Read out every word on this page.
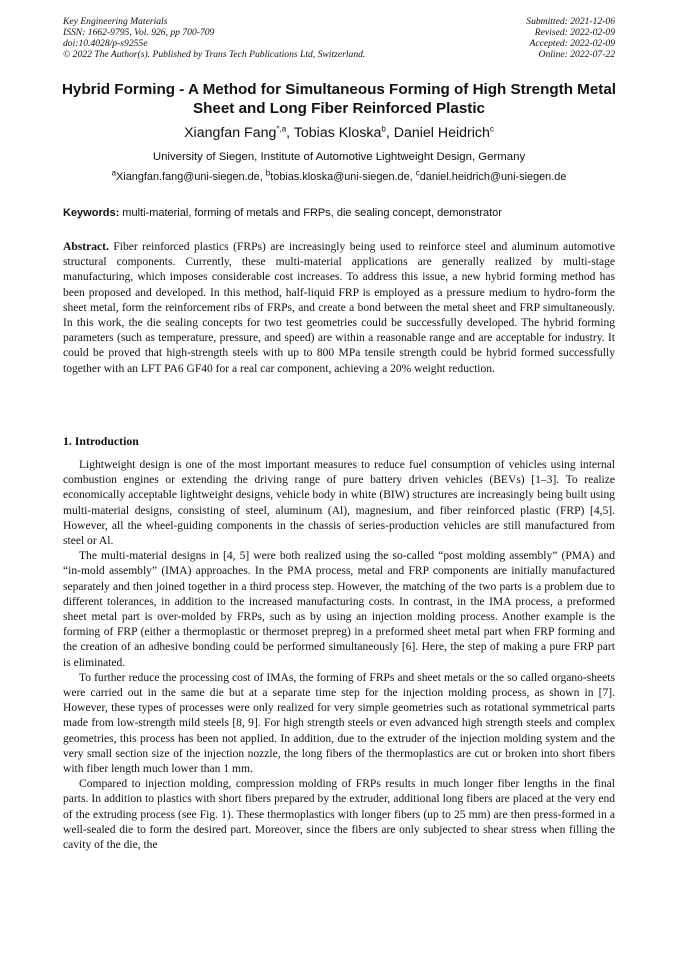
Key Engineering Materials
ISSN: 1662-9795, Vol. 926, pp 700-709
doi:10.4028/p-s9255e
© 2022 The Author(s). Published by Trans Tech Publications Ltd, Switzerland.
Submitted: 2021-12-06
Revised: 2022-02-09
Accepted: 2022-02-09
Online: 2022-07-22
Hybrid Forming - A Method for Simultaneous Forming of High Strength Metal Sheet and Long Fiber Reinforced Plastic
Xiangfan Fang$^{*,a}$, Tobias Kloska$^b$, Daniel Heidrich$^c$
University of Siegen, Institute of Automotive Lightweight Design, Germany
$^a$Xiangfan.fang@uni-siegen.de, $^b$tobias.kloska@uni-siegen.de, $^c$daniel.heidrich@uni-siegen.de
Keywords: multi-material, forming of metals and FRPs, die sealing concept, demonstrator
Abstract. Fiber reinforced plastics (FRPs) are increasingly being used to reinforce steel and aluminum automotive structural components. Currently, these multi-material applications are generally realized by multi-stage manufacturing, which imposes considerable cost increases. To address this issue, a new hybrid forming method has been proposed and developed. In this method, half-liquid FRP is employed as a pressure medium to hydro-form the sheet metal, form the reinforcement ribs of FRPs, and create a bond between the metal sheet and FRP simultaneously. In this work, the die sealing concepts for two test geometries could be successfully developed. The hybrid forming parameters (such as temperature, pressure, and speed) are within a reasonable range and are acceptable for industry. It could be proved that high-strength steels with up to 800 MPa tensile strength could be hybrid formed successfully together with an LFT PA6 GF40 for a real car component, achieving a 20% weight reduction.
1. Introduction

Lightweight design is one of the most important measures to reduce fuel consumption of vehicles using internal combustion engines or extending the driving range of pure battery driven vehicles (BEVs) [1–3]. To realize economically acceptable lightweight designs, vehicle body in white (BIW) structures are increasingly being built using multi-material designs, consisting of steel, aluminum (Al), magnesium, and fiber reinforced plastic (FRP) [4,5]. However, all the wheel-guiding components in the chassis of series-production vehicles are still manufactured from steel or Al.

The multi-material designs in [4, 5] were both realized using the so-called “post molding assembly” (PMA) and “in-mold assembly” (IMA) approaches. In the PMA process, metal and FRP components are initially manufactured separately and then joined together in a third process step. However, the matching of the two parts is a problem due to different tolerances, in addition to the increased manufacturing costs. In contrast, in the IMA process, a preformed sheet metal part is over-molded by FRPs, such as by using an injection molding process. Another example is the forming of FRP (either a thermoplastic or thermoset prepreg) in a preformed sheet metal part when FRP forming and the creation of an adhesive bonding could be performed simultaneously [6]. Here, the step of making a pure FRP part is eliminated.

To further reduce the processing cost of IMAs, the forming of FRPs and sheet metals or the so called organo-sheets were carried out in the same die but at a separate time step for the injection molding process, as shown in [7]. However, these types of processes were only realized for very simple geometries such as rotational symmetrical parts made from low-strength mild steels [8, 9]. For high strength steels or even advanced high strength steels and complex geometries, this process has been not applied. In addition, due to the extruder of the injection molding system and the very small section size of the injection nozzle, the long fibers of the thermoplastics are cut or broken into short fibers with fiber length much lower than 1 mm.

Compared to injection molding, compression molding of FRPs results in much longer fiber lengths in the final parts. In addition to plastics with short fibers prepared by the extruder, additional long fibers are placed at the very end of the extruding process (see Fig. 1). These thermoplastics with longer fibers (up to 25 mm) are then press-formed in a well-sealed die to form the desired part. Moreover, since the fibers are only subjected to shear stress when filling the cavity of the die, the
